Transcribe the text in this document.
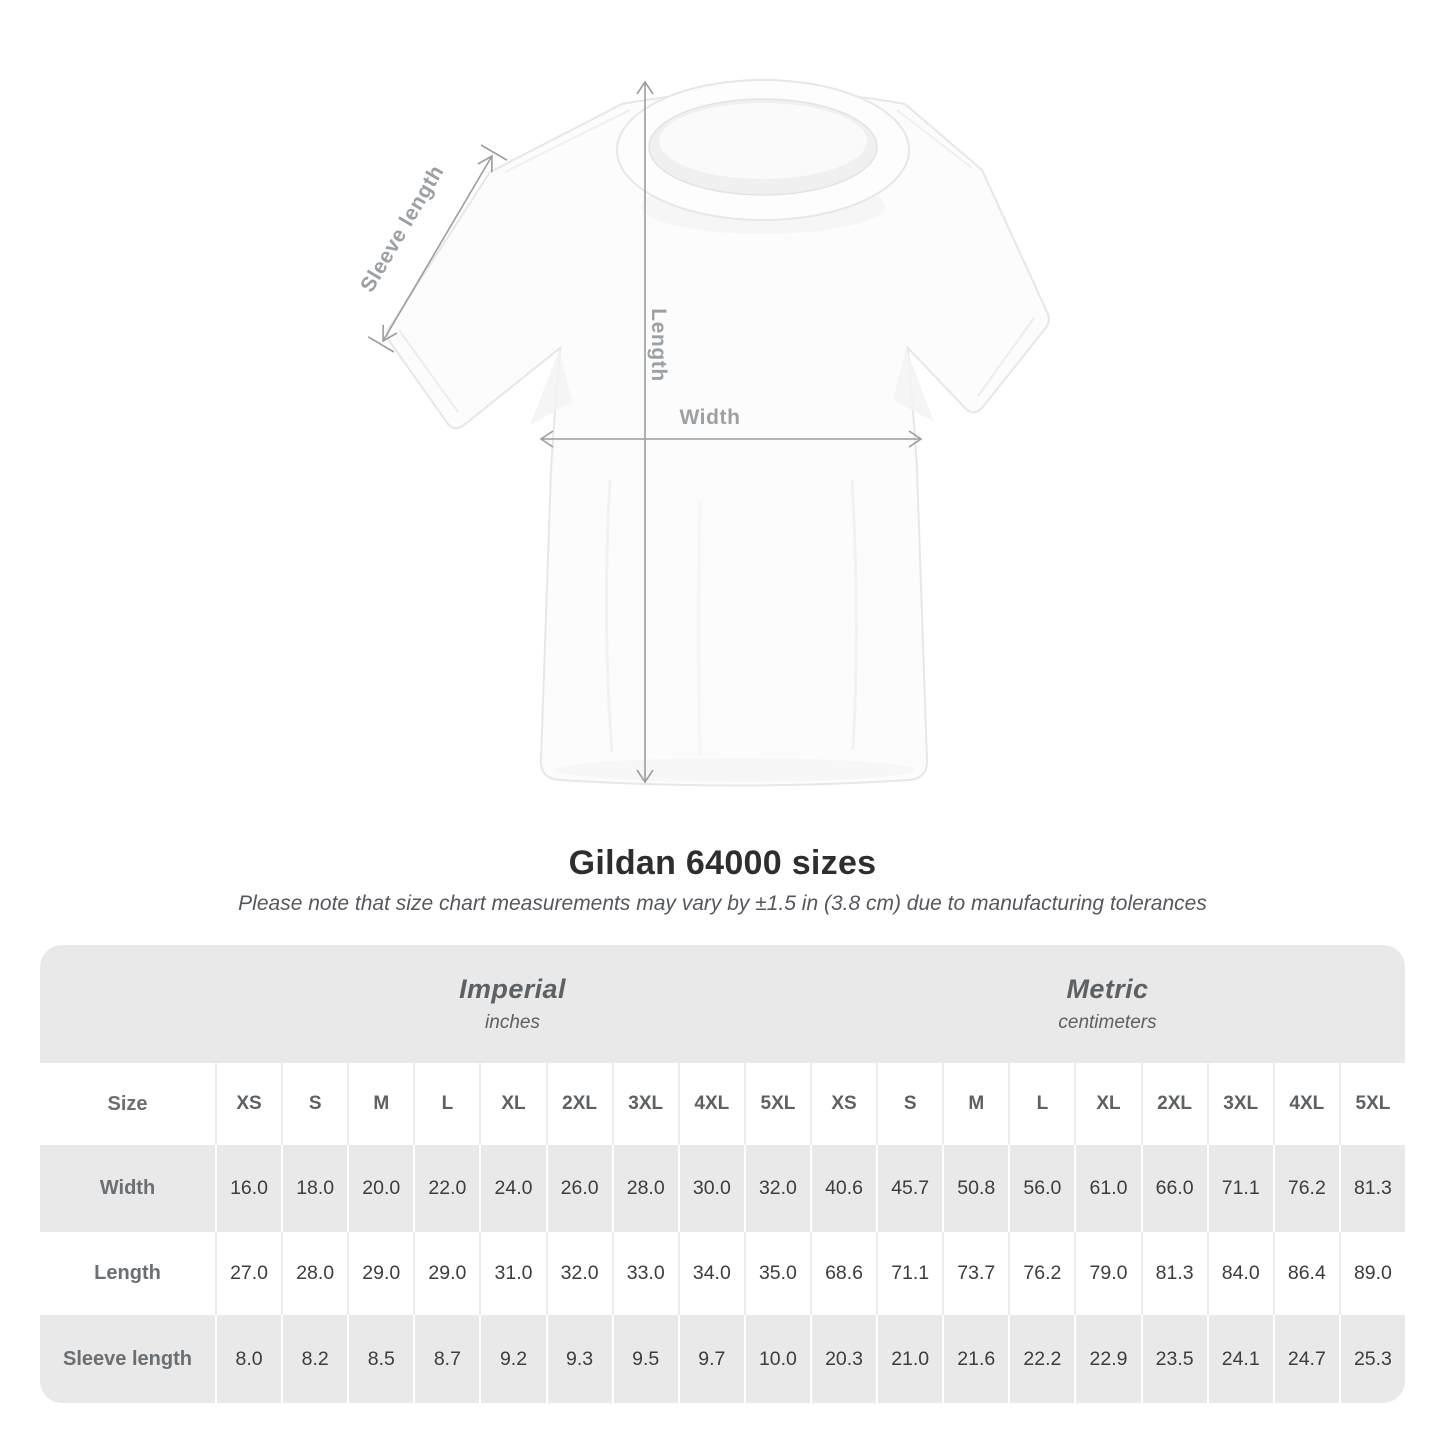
Length
Width
Sleeve length
Gildan 64000 sizes
Please note that size chart measurements may vary by ±1.5 in (3.8 cm) due to manufacturing tolerances
Imperial
inches
Metric
centimeters
Size	XS	S	M	L	XL	2XL	3XL	4XL	5XL	XS	S	M	L	XL	2XL	3XL	4XL	5XL
Width	16.0	18.0	20.0	22.0	24.0	26.0	28.0	30.0	32.0	40.6	45.7	50.8	56.0	61.0	66.0	71.1	76.2	81.3
Length	27.0	28.0	29.0	29.0	31.0	32.0	33.0	34.0	35.0	68.6	71.1	73.7	76.2	79.0	81.3	84.0	86.4	89.0
Sleeve length	8.0	8.2	8.5	8.7	9.2	9.3	9.5	9.7	10.0	20.3	21.0	21.6	22.2	22.9	23.5	24.1	24.7	25.3
